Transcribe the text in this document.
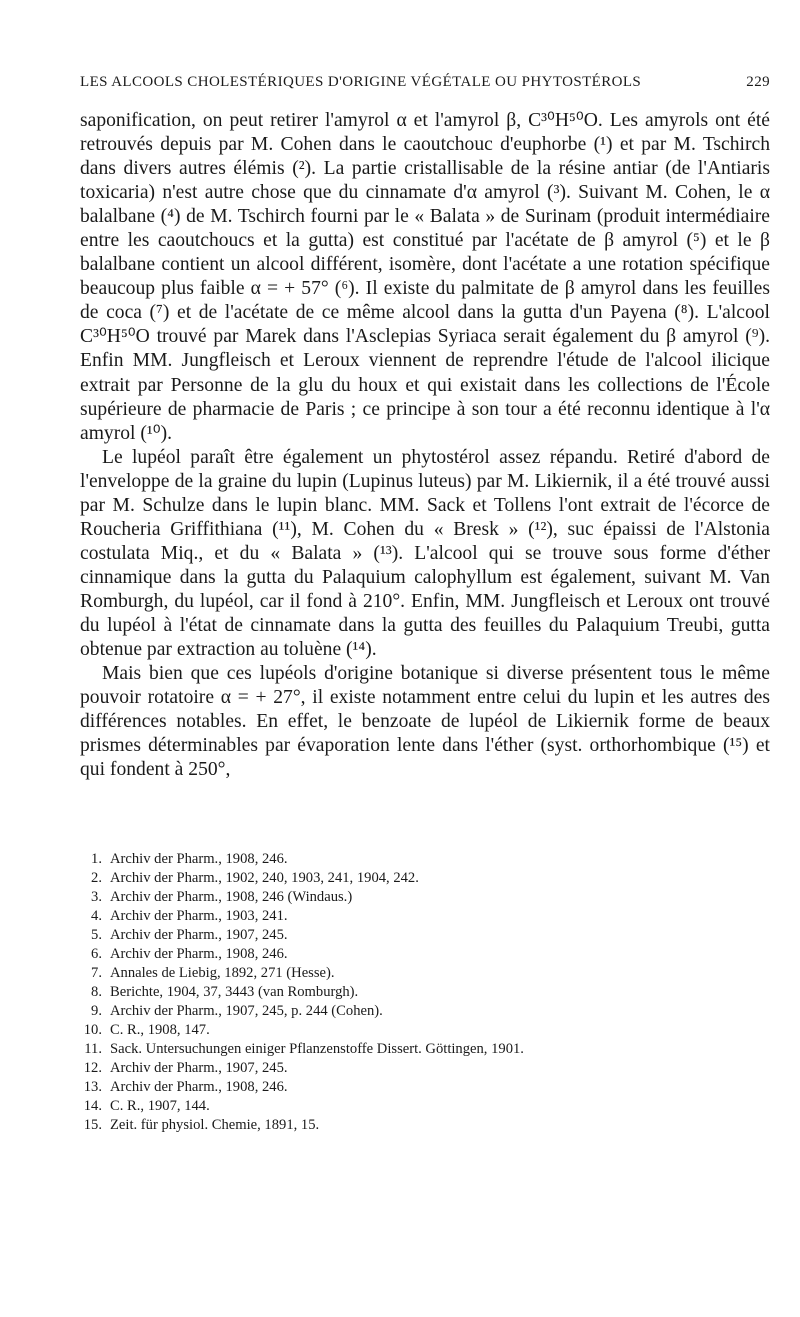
LES ALCOOLS CHOLESTÉRIQUES D'ORIGINE VÉGÉTALE OU PHYTOSTÉROLS	229

saponification, on peut retirer l'amyrol α et l'amyrol β, C³⁰H⁵⁰O. Les amyrols ont été retrouvés depuis par M. Cohen dans le caoutchouc d'euphorbe (¹) et par M. Tschirch dans divers autres élémis (²). La partie cristallisable de la résine antiar (de l'Antiaris toxicaria) n'est autre chose que du cinnamate d'α amyrol (³). Suivant M. Cohen, le α balalbane (⁴) de M. Tschirch fourni par le « Balata » de Surinam (produit intermédiaire entre les caoutchoucs et la gutta) est constitué par l'acétate de β amyrol (⁵) et le β balalbane contient un alcool différent, isomère, dont l'acétate a une rotation spécifique beaucoup plus faible α = + 57° (⁶). Il existe du palmitate de β amyrol dans les feuilles de coca (⁷) et de l'acétate de ce même alcool dans la gutta d'un Payena (⁸). L'alcool C³⁰H⁵⁰O trouvé par Marek dans l'Asclepias Syriaca serait également du β amyrol (⁹). Enfin MM. Jungfleisch et Leroux viennent de reprendre l'étude de l'alcool ilicique extrait par Personne de la glu du houx et qui existait dans les collections de l'École supérieure de pharmacie de Paris ; ce principe à son tour a été reconnu identique à l'α amyrol (¹⁰).

Le lupéol paraît être également un phytostérol assez répandu. Retiré d'abord de l'enveloppe de la graine du lupin (Lupinus luteus) par M. Likiernik, il a été trouvé aussi par M. Schulze dans le lupin blanc. MM. Sack et Tollens l'ont extrait de l'écorce de Roucheria Griffithiana (¹¹), M. Cohen du « Bresk » (¹²), suc épaissi de l'Alstonia costulata Miq., et du « Balata » (¹³). L'alcool qui se trouve sous forme d'éther cinnamique dans la gutta du Palaquium calophyllum est également, suivant M. Van Romburgh, du lupéol, car il fond à 210°. Enfin, MM. Jungfleisch et Leroux ont trouvé du lupéol à l'état de cinnamate dans la gutta des feuilles du Palaquium Treubi, gutta obtenue par extraction au toluène (¹⁴).

Mais bien que ces lupéols d'origine botanique si diverse présentent tous le même pouvoir rotatoire α = + 27°, il existe notamment entre celui du lupin et les autres des différences notables. En effet, le benzoate de lupéol de Likiernik forme de beaux prismes déterminables par évaporation lente dans l'éther (syst. orthorhombique (¹⁵) et qui fondent à 250°,

1. Archiv der Pharm., 1908, 246.
2. Archiv der Pharm., 1902, 240, 1903, 241, 1904, 242.
3. Archiv der Pharm., 1908, 246 (Windaus.)
4. Archiv der Pharm., 1903, 241.
5. Archiv der Pharm., 1907, 245.
6. Archiv der Pharm., 1908, 246.
7. Annales de Liebig, 1892, 271 (Hesse).
8. Berichte, 1904, 37, 3443 (van Romburgh).
9. Archiv der Pharm., 1907, 245, p. 244 (Cohen).
10. C. R., 1908, 147.
11. Sack. Untersuchungen einiger Pflanzenstoffe Dissert. Göttingen, 1901.
12. Archiv der Pharm., 1907, 245.
13. Archiv der Pharm., 1908, 246.
14. C. R., 1907, 144.
15. Zeit. für physiol. Chemie, 1891, 15.
